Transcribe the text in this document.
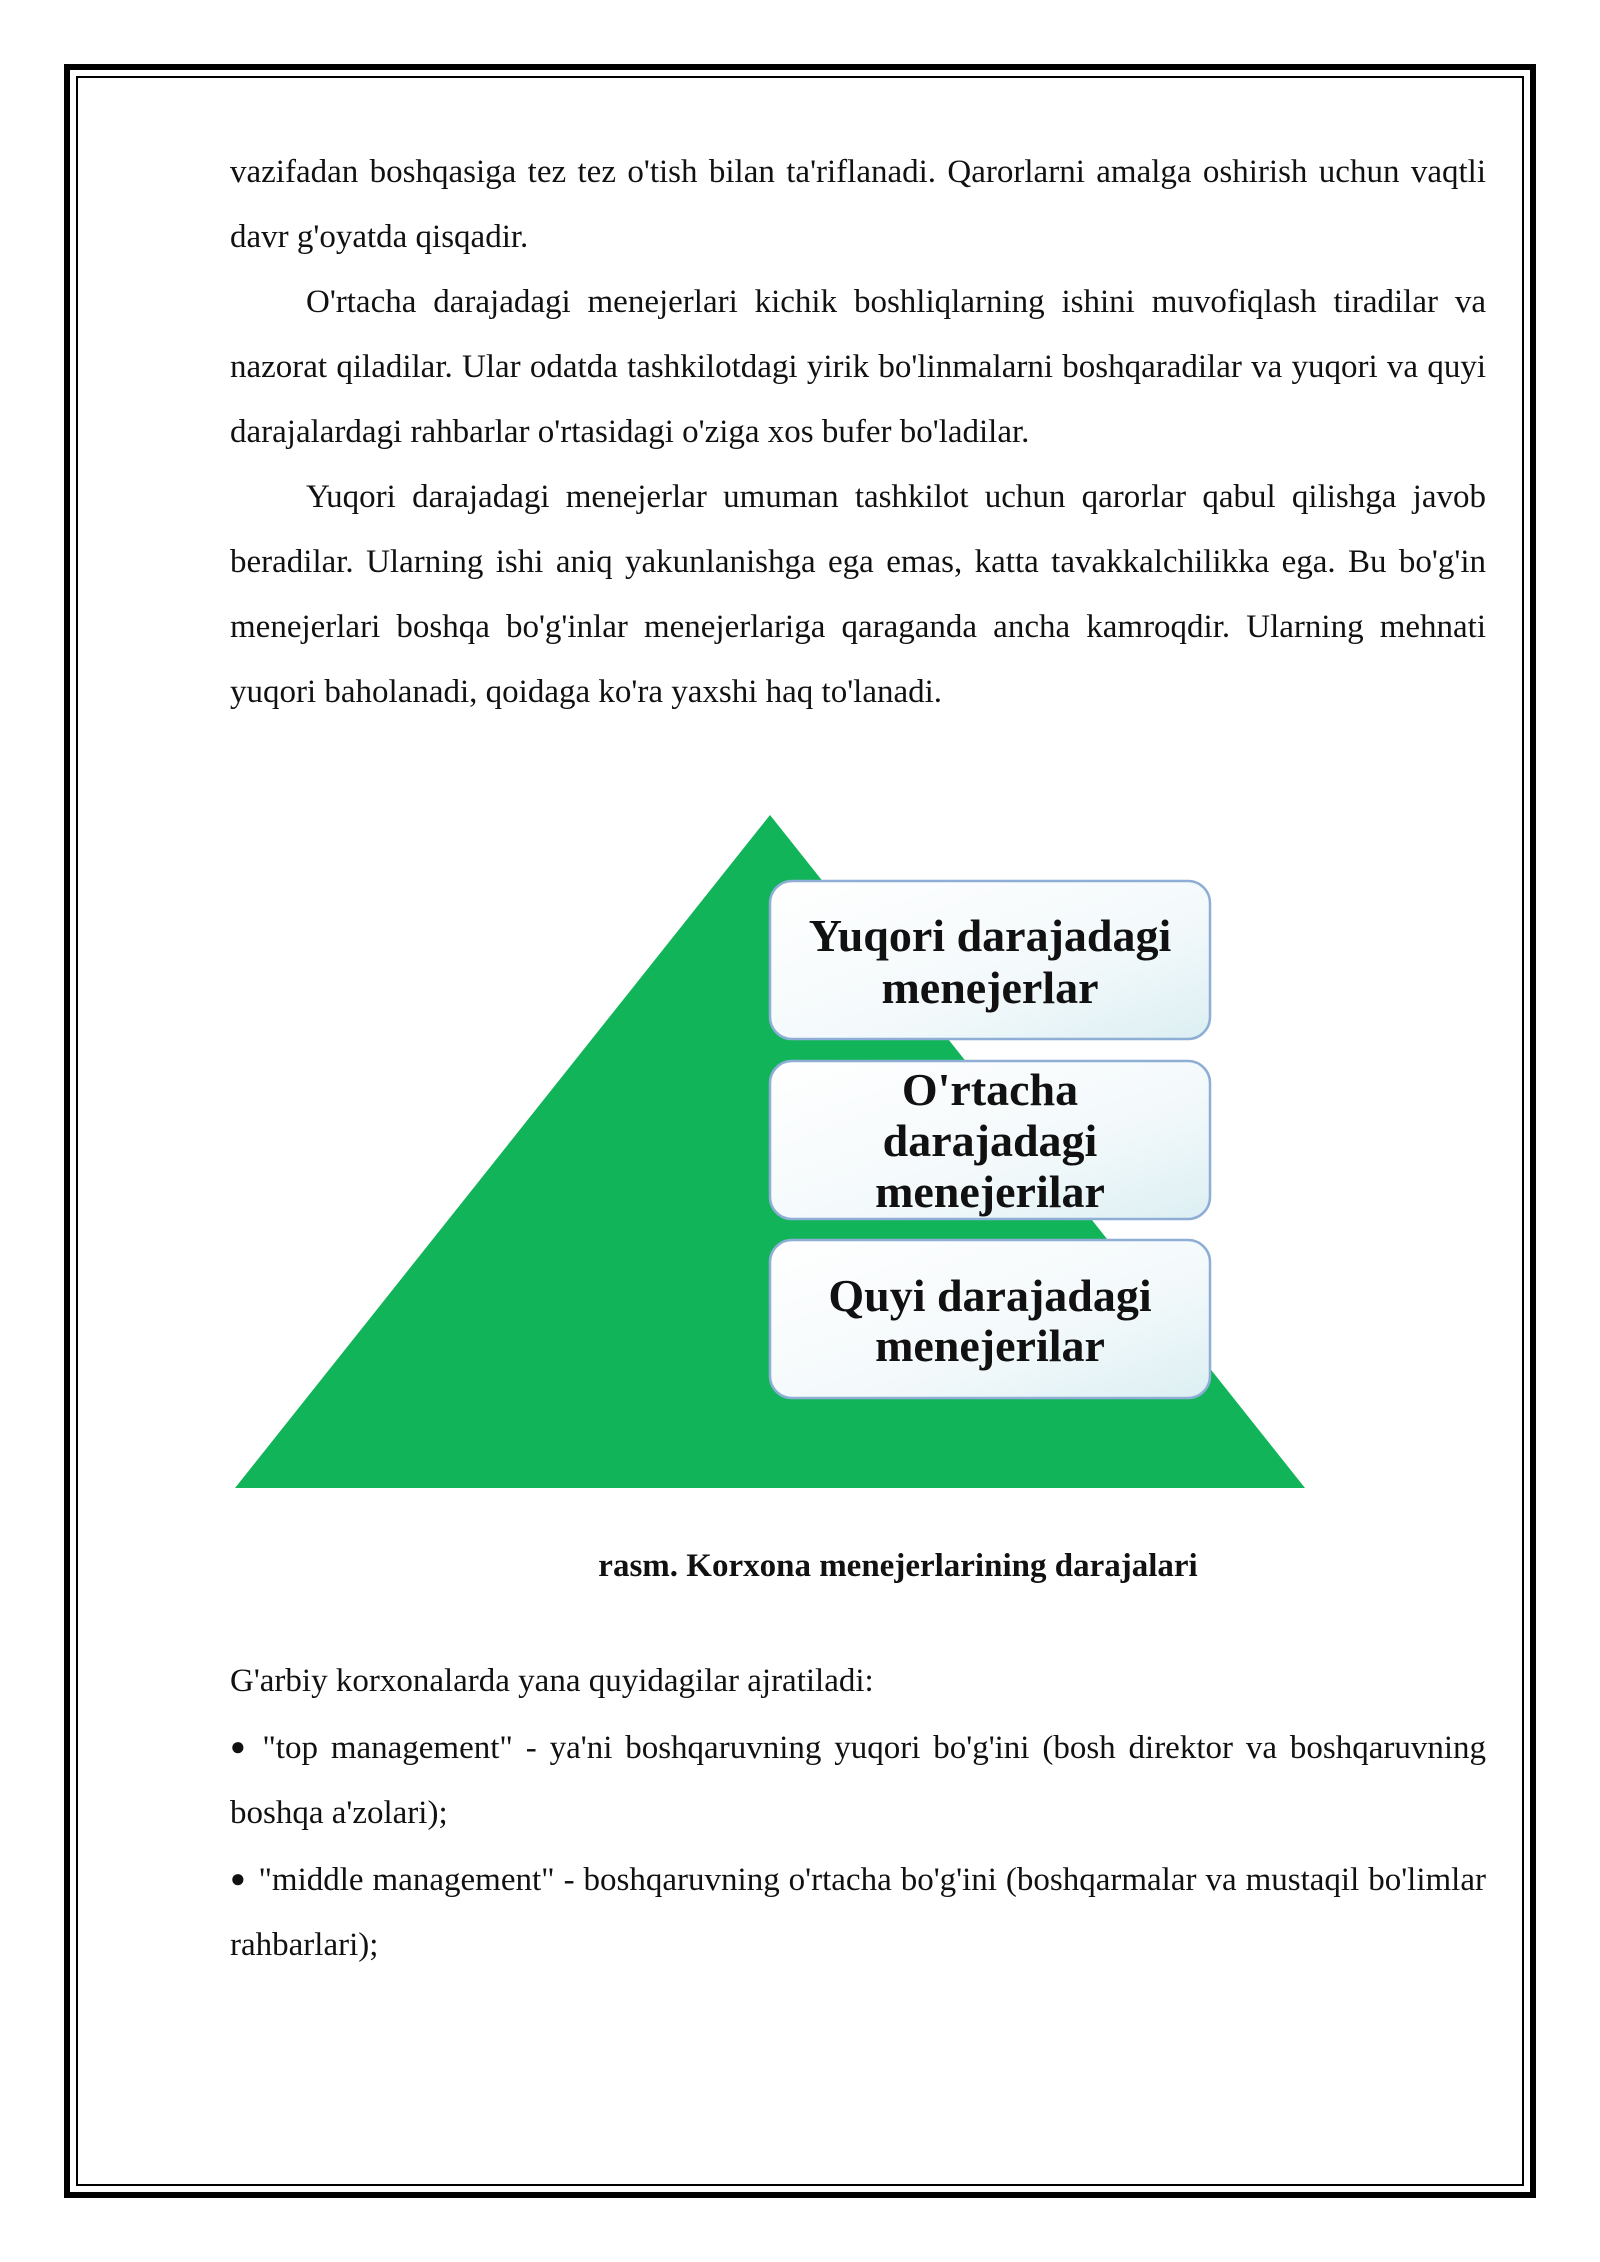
vazifadan boshqasiga tez tez o'tish bilan ta'riflanadi. Qarorlarni amalga oshirish uchun vaqtli davr g'oyatda qisqadir.

O'rtacha darajadagi menejerlari kichik boshliqlarning ishini muvofiqlash tiradilar va nazorat qiladilar. Ular odatda tashkilotdagi yirik bo'linmalarni boshqaradilar va yuqori va quyi darajalardagi rahbarlar o'rtasidagi o'ziga xos bufer bo'ladilar.

Yuqori darajadagi menejerlar umuman tashkilot uchun qarorlar qabul qilishga javob beradilar. Ularning ishi aniq yakunlanishga ega emas, katta tavakkalchilikka ega. Bu bo'g'in menejerlari boshqa bo'g'inlar menejerlariga qaraganda ancha kamroqdir. Ularning mehnati yuqori baholanadi, qoidaga ko'ra yaxshi haq to'lanadi.

Yuqori darajadagi
menejerlar
O'rtacha
darajadagi
menejerilar
Quyi darajadagi
menejerilar
rasm. Korxona menejerlarining darajalari

G'arbiy korxonalarda yana quyidagilar ajratiladi:

● "top management" - ya'ni boshqaruvning yuqori bo'g'ini (bosh direktor va boshqaruvning boshqa a'zolari);
● "middle management" - boshqaruvning o'rtacha bo'g'ini (boshqarmalar va mustaqil bo'limlar rahbarlari);
